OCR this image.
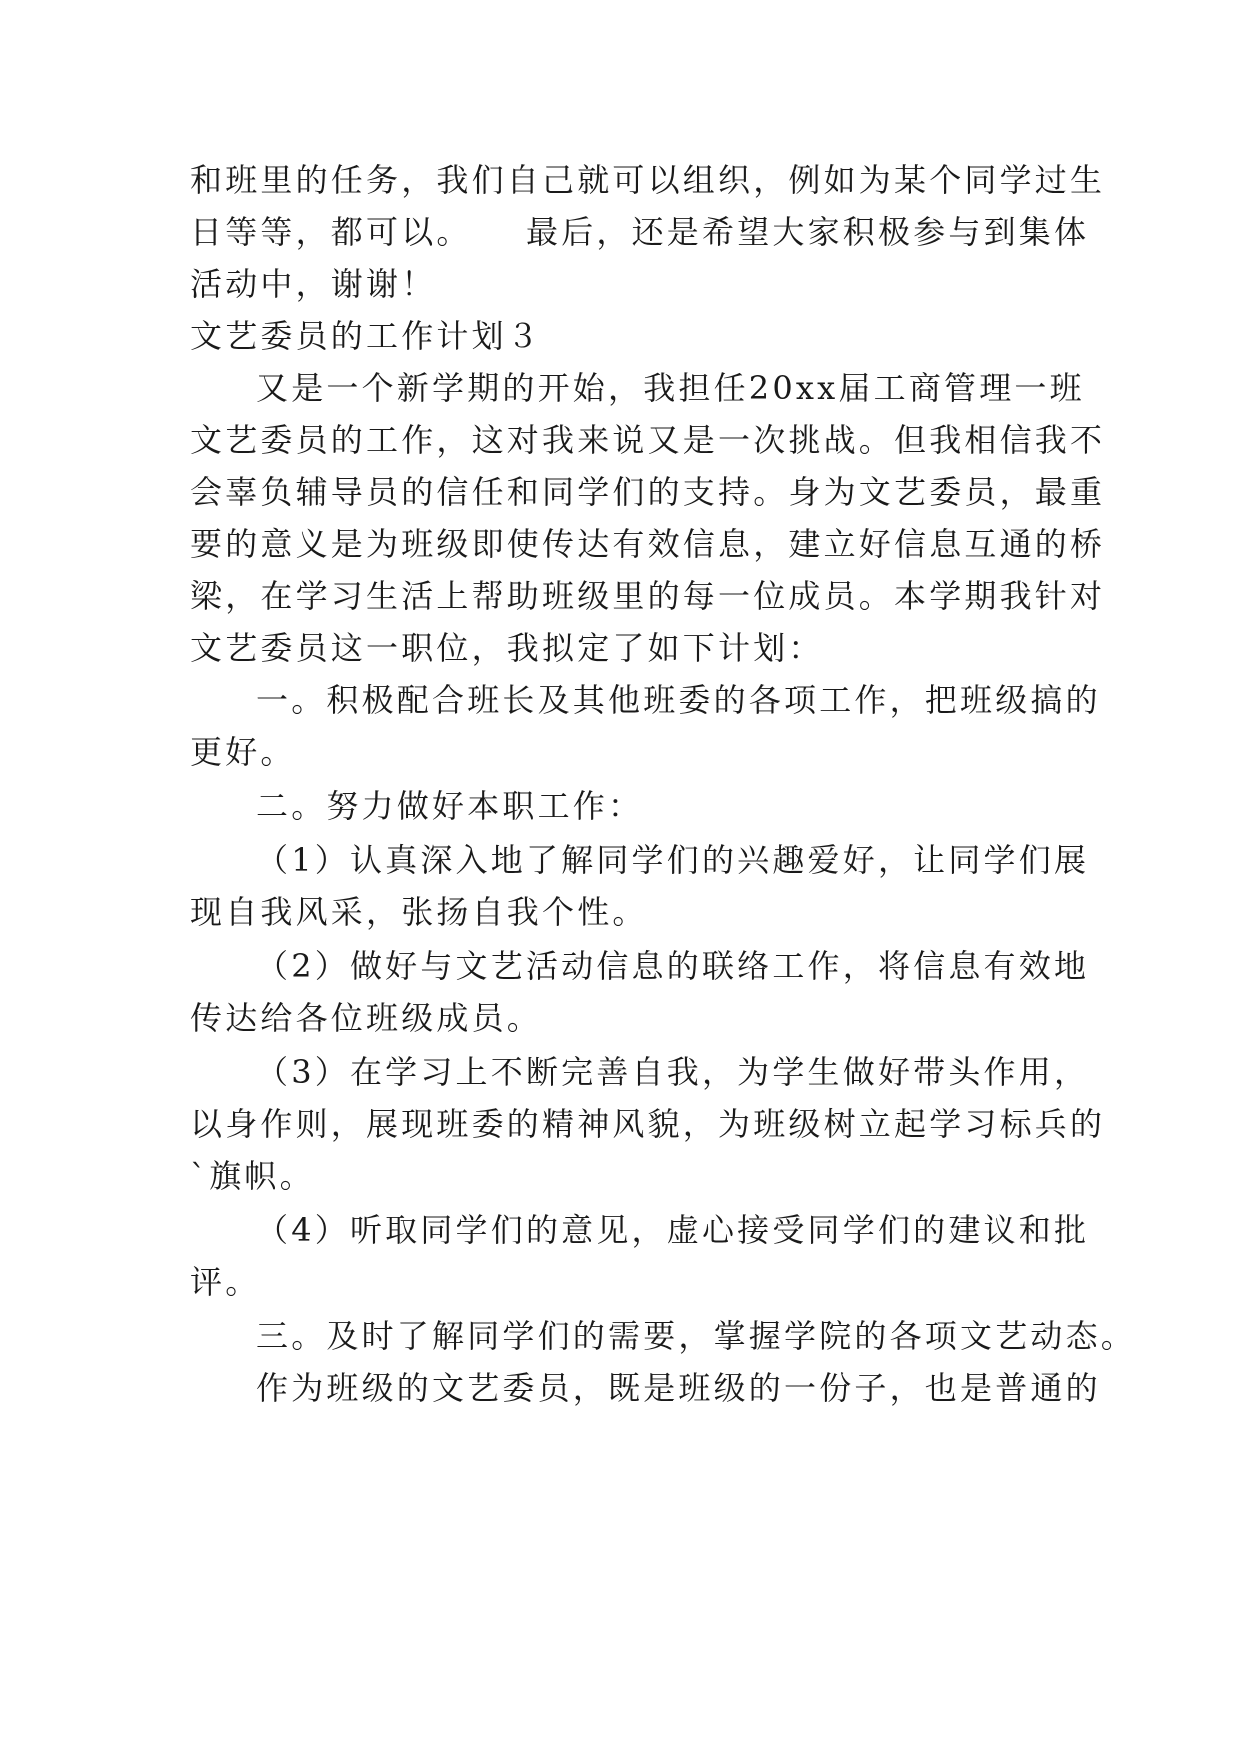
和班里的任务，我们自己就可以组织，例如为某个同学过生
日等等，都可以。　　最后，还是希望大家积极参与到集体
活动中，谢谢！
文艺委员的工作计划３
又是一个新学期的开始，我担任20xx届工商管理一班
文艺委员的工作，这对我来说又是一次挑战。但我相信我不
会辜负辅导员的信任和同学们的支持。身为文艺委员，最重
要的意义是为班级即使传达有效信息，建立好信息互通的桥
梁，在学习生活上帮助班级里的每一位成员。本学期我针对
文艺委员这一职位，我拟定了如下计划：
一。积极配合班长及其他班委的各项工作，把班级搞的
更好。
二。努力做好本职工作：
（1）认真深入地了解同学们的兴趣爱好，让同学们展
现自我风采，张扬自我个性。
（2）做好与文艺活动信息的联络工作，将信息有效地
传达给各位班级成员。
（3）在学习上不断完善自我，为学生做好带头作用，
以身作则，展现班委的精神风貌，为班级树立起学习标兵的
`旗帜。
（4）听取同学们的意见，虚心接受同学们的建议和批
评。
三。及时了解同学们的需要，掌握学院的各项文艺动态。
作为班级的文艺委员，既是班级的一份子，也是普通的
